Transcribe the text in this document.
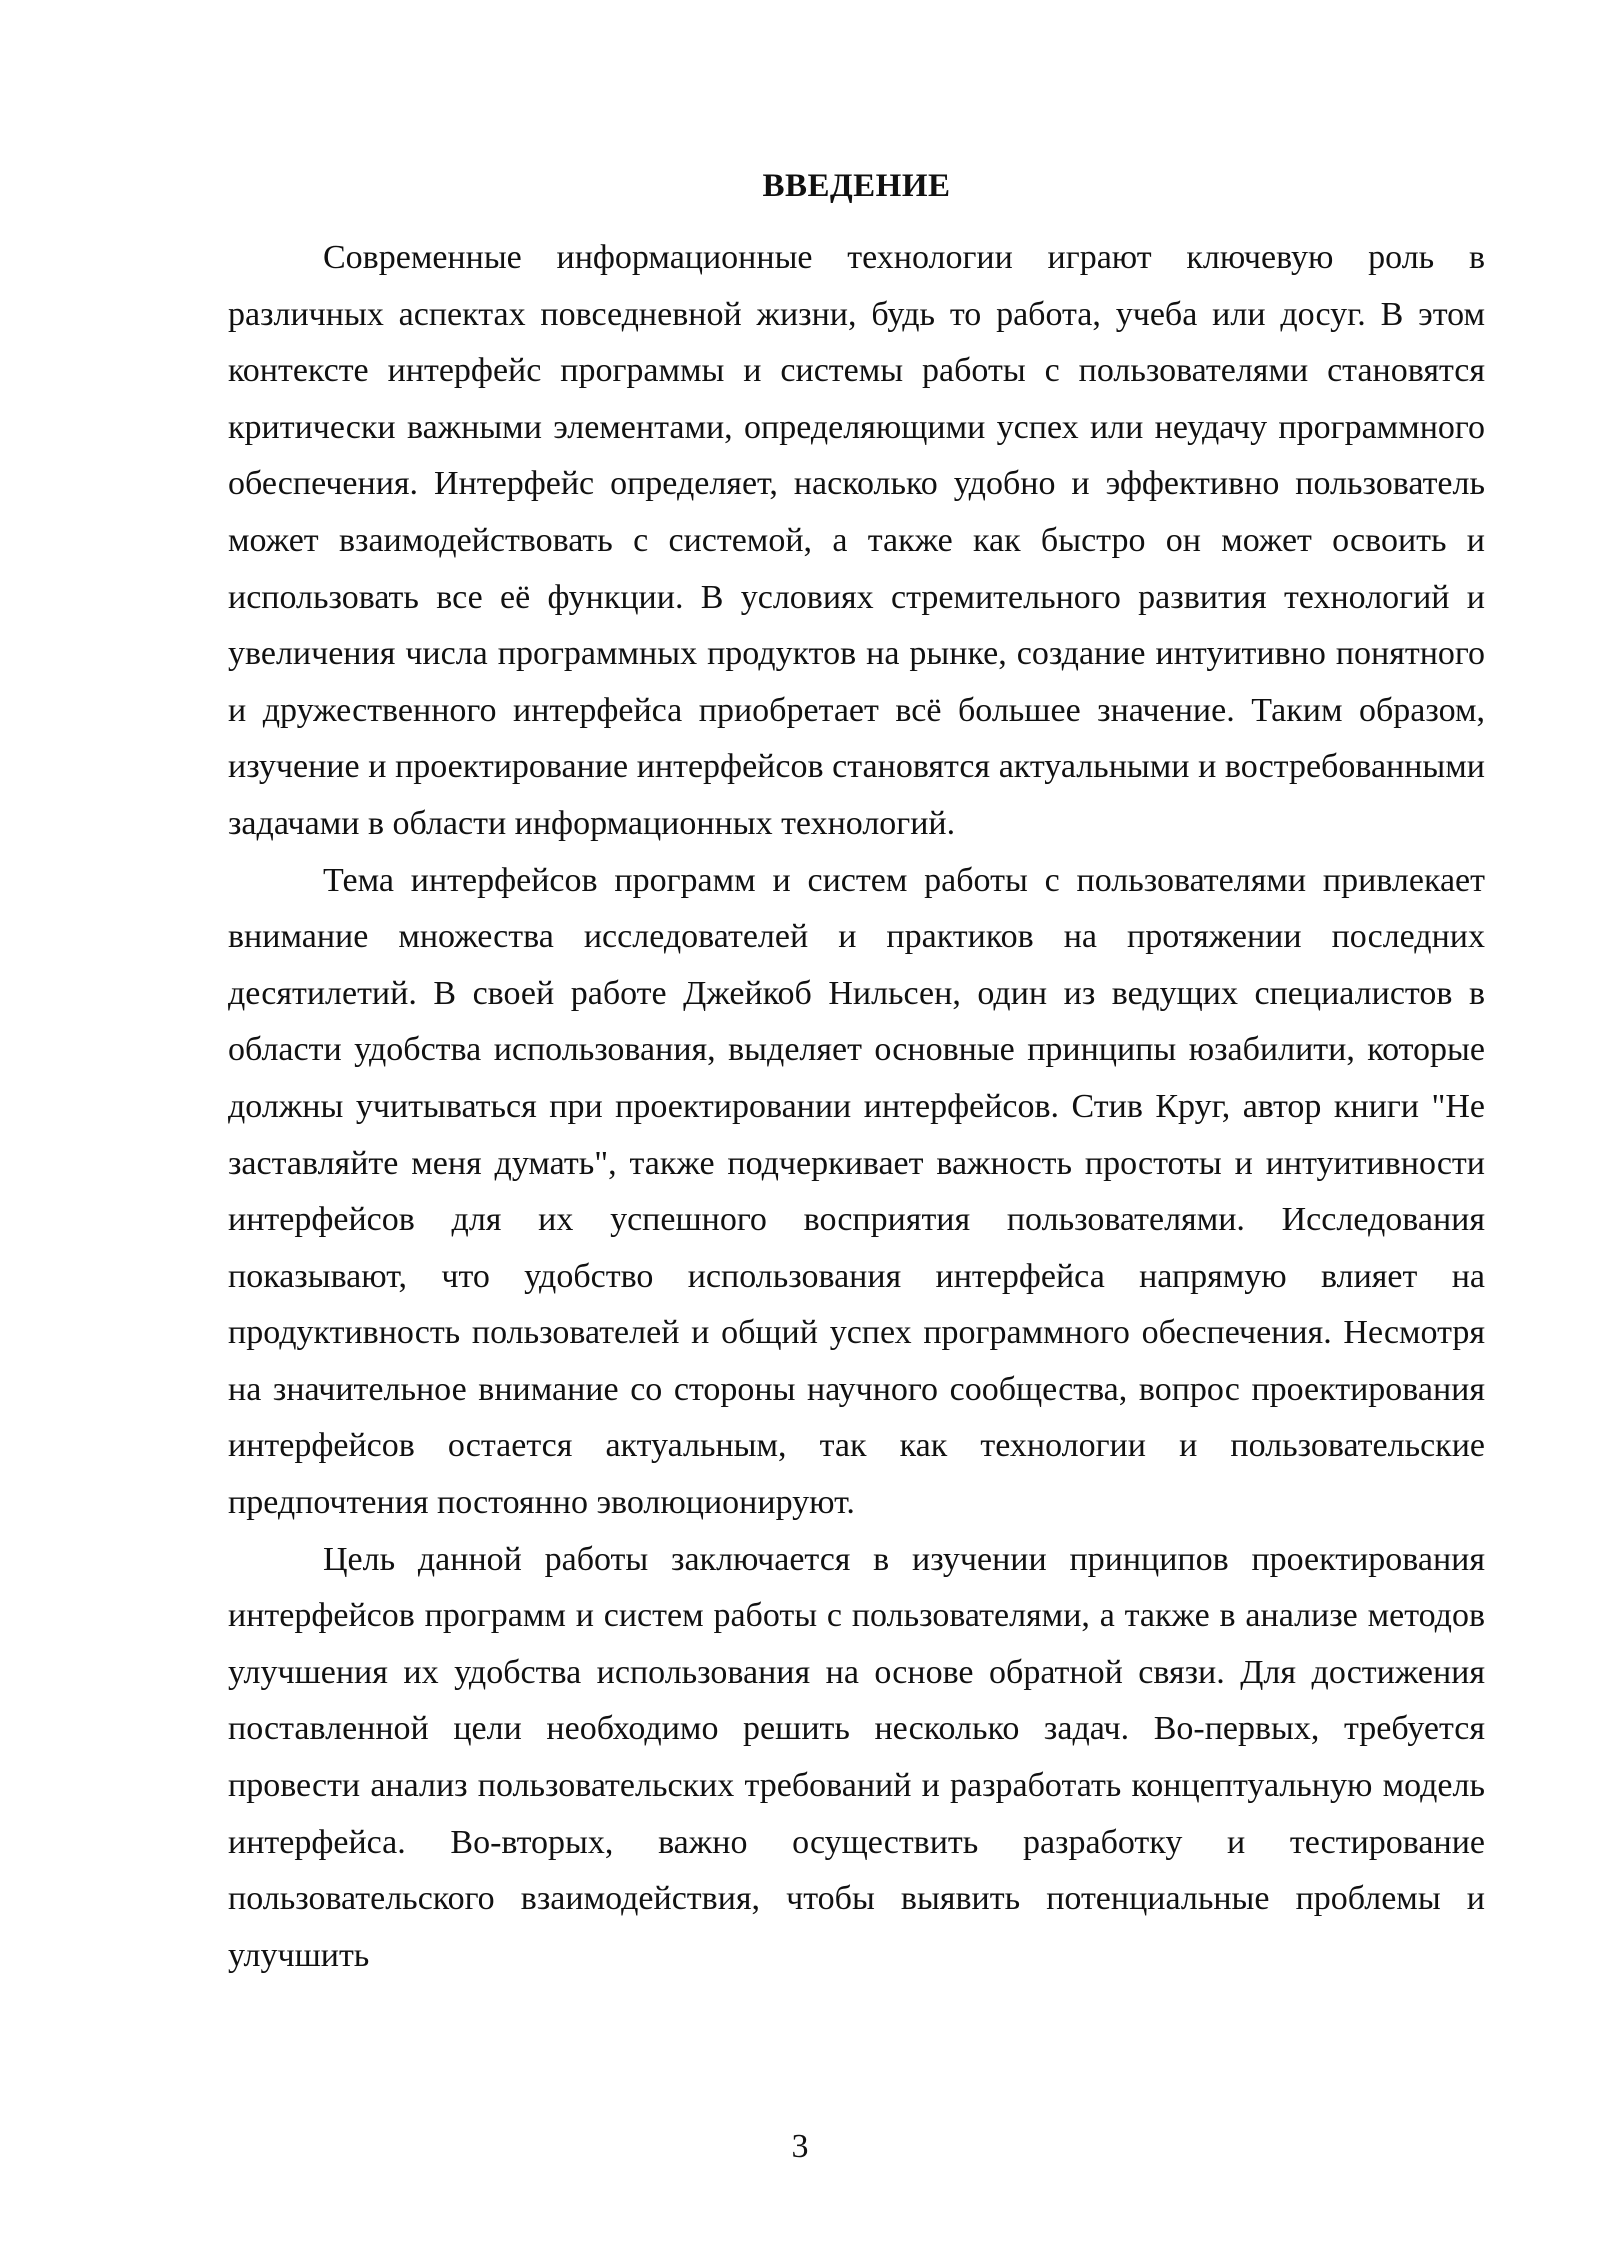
ВВЕДЕНИЕ

Современные информационные технологии играют ключевую роль в различных аспектах повседневной жизни, будь то работа, учеба или досуг. В этом контексте интерфейс программы и системы работы с пользователями становятся критически важными элементами, определяющими успех или неудачу программного обеспечения. Интерфейс определяет, насколько удобно и эффективно пользователь может взаимодействовать с системой, а также как быстро он может освоить и использовать все её функции. В условиях стремительного развития технологий и увеличения числа программных продуктов на рынке, создание интуитивно понятного и дружественного интерфейса приобретает всё большее значение. Таким образом, изучение и проектирование интерфейсов становятся актуальными и востребованными задачами в области информационных технологий.

Тема интерфейсов программ и систем работы с пользователями привлекает внимание множества исследователей и практиков на протяжении последних десятилетий. В своей работе Джейкоб Нильсен, один из ведущих специалистов в области удобства использования, выделяет основные принципы юзабилити, которые должны учитываться при проектировании интерфейсов. Стив Круг, автор книги "Не заставляйте меня думать", также подчеркивает важность простоты и интуитивности интерфейсов для их успешного восприятия пользователями. Исследования показывают, что удобство использования интерфейса напрямую влияет на продуктивность пользователей и общий успех программного обеспечения. Несмотря на значительное внимание со стороны научного сообщества, вопрос проектирования интерфейсов остается актуальным, так как технологии и пользовательские предпочтения постоянно эволюционируют.

Цель данной работы заключается в изучении принципов проектирования интерфейсов программ и систем работы с пользователями, а также в анализе методов улучшения их удобства использования на основе обратной связи. Для достижения поставленной цели необходимо решить несколько задач. Во-первых, требуется провести анализ пользовательских требований и разработать концептуальную модель интерфейса. Во-вторых, важно осуществить разработку и тестирование пользовательского взаимодействия, чтобы выявить потенциальные проблемы и улучшить

3
